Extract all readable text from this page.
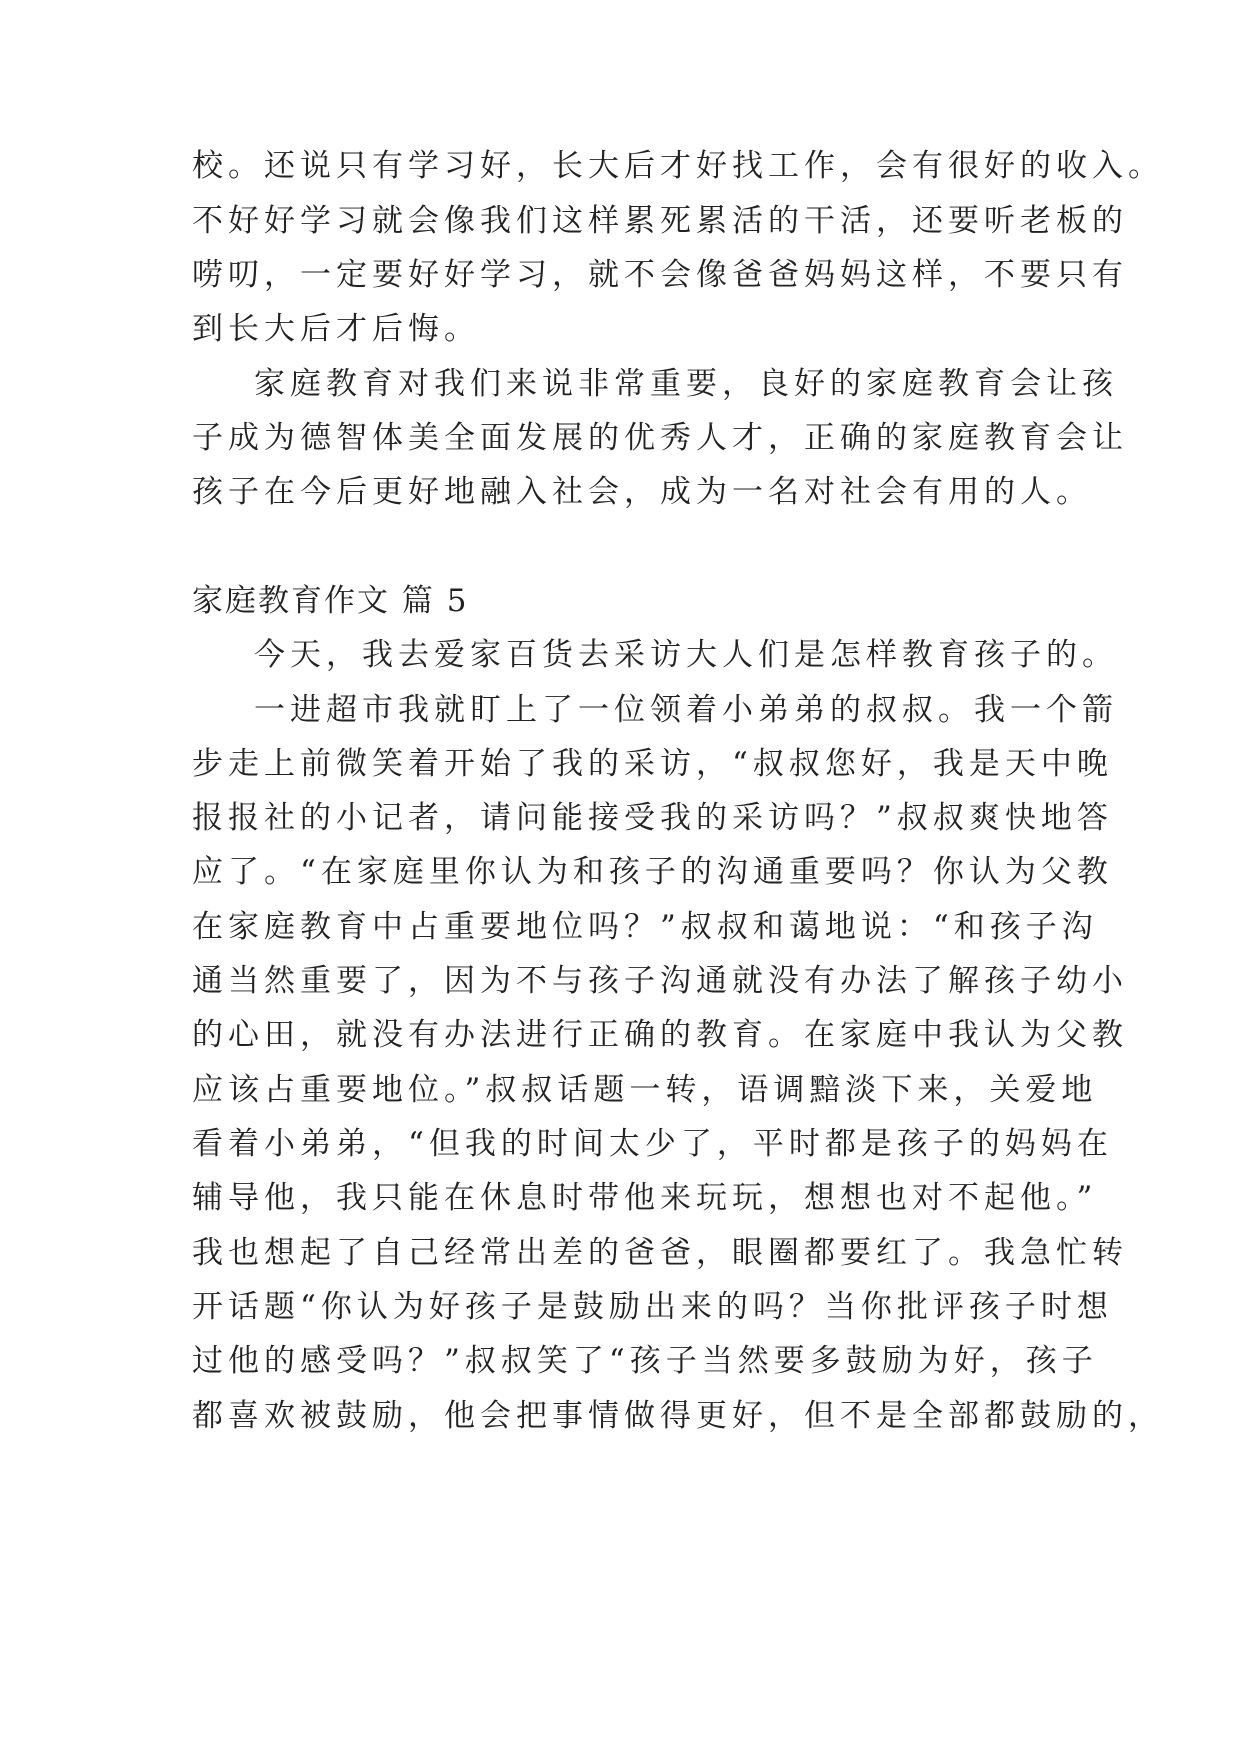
校。还说只有学习好，长大后才好找工作，会有很好的收入。
不好好学习就会像我们这样累死累活的干活，还要听老板的
唠叨，一定要好好学习，就不会像爸爸妈妈这样，不要只有
到长大后才后悔。
家庭教育对我们来说非常重要，良好的家庭教育会让孩
子成为德智体美全面发展的优秀人才，正确的家庭教育会让
孩子在今后更好地融入社会，成为一名对社会有用的人。
家庭教育作文 篇 5
今天，我去爱家百货去采访大人们是怎样教育孩子的。
一进超市我就盯上了一位领着小弟弟的叔叔。我一个箭
步走上前微笑着开始了我的采访，“叔叔您好，我是天中晚
报报社的小记者，请问能接受我的采访吗？”叔叔爽快地答
应了。“在家庭里你认为和孩子的沟通重要吗？你认为父教
在家庭教育中占重要地位吗？”叔叔和蔼地说：“和孩子沟
通当然重要了，因为不与孩子沟通就没有办法了解孩子幼小
的心田，就没有办法进行正确的教育。在家庭中我认为父教
应该占重要地位。”叔叔话题一转，语调黯淡下来，关爱地
看着小弟弟，“但我的时间太少了，平时都是孩子的妈妈在
辅导他，我只能在休息时带他来玩玩，想想也对不起他。”
我也想起了自己经常出差的爸爸，眼圈都要红了。我急忙转
开话题“你认为好孩子是鼓励出来的吗？当你批评孩子时想
过他的感受吗？”叔叔笑了“孩子当然要多鼓励为好，孩子
都喜欢被鼓励，他会把事情做得更好，但不是全部都鼓励的，
